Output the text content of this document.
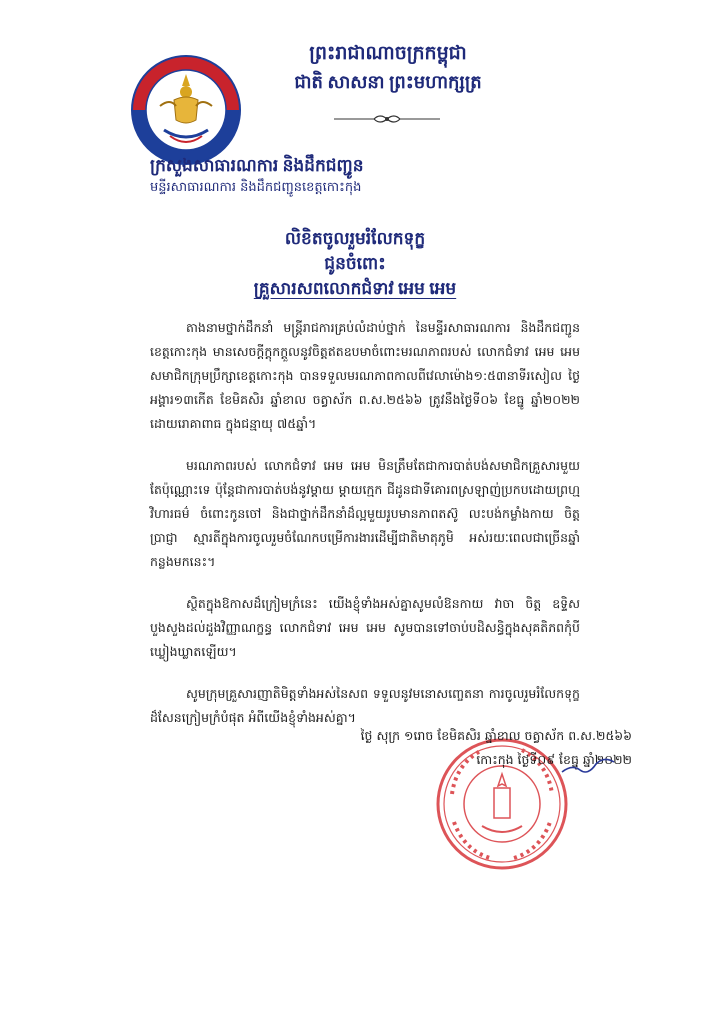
ព្រះរាជាណាចក្រកម្ពុជា
ជាតិ សាសនា ព្រះមហាក្សត្រ
ក្រសួងសាធារណការ និងដឹកជញ្ជូន
មន្ទីរសាធារណការ និងដឹកជញ្ជូនខេត្តកោះកុង
លិខិតចូលរួមរំលែកទុក្ខ
ជូនចំពោះ
គ្រួសារសពលោកជំទាវ អេម អេម

តាងនាមថ្នាក់ដឹកនាំ មន្ត្រីរាជការគ្រប់លំដាប់ថ្នាក់ នៃមន្ទីរសាធារណការ និងដឹកជញ្ជូនខេត្តកោះកុង មានសេចក្ដីក្ដុកក្ដួលនូវចិត្តឥតឧបមាចំពោះមរណភាពរបស់ លោកជំទាវ អេម អេម សមាជិកក្រុមប្រឹក្សាខេត្តកោះកុង បានទទួលមរណភាពកាលពីវេលាម៉ោង១:៥៣នាទីរសៀល ថ្ងៃអង្គារ១៣កើត ខែមិគសិរ ឆ្នាំខាល ចត្វាស័ក ព.ស.២៥៦៦ ត្រូវនឹងថ្ងៃទី០៦ ខែធ្នូ ឆ្នាំ២០២២ ដោយរោគាពាធ ក្នុងជន្មាយុ ៧៥ឆ្នាំ។

មរណភាពរបស់ លោកជំទាវ អេម អេម មិនត្រឹមតែជាការបាត់បង់សមាជិកគ្រួសារមួយ តែប៉ុណ្ណោះទេ ប៉ុន្តែជាការបាត់បង់នូវម្ដាយ ម្ដាយក្មេក ជីដូនជាទីគោរពស្រឡាញ់ប្រកបដោយព្រហ្មវិហារធម៌ ចំពោះកូនចៅ និងជាថ្នាក់ដឹកនាំដ៏ល្អមួយរូបមានភាពតស៊ូ លះបង់កម្លាំងកាយ ចិត្ត ប្រាជ្ញា ស្មារតីក្នុងការចូលរួមចំណែកបម្រើការងារដើម្បីជាតិមាតុភូមិ អស់រយៈពេលជាច្រើនឆ្នាំកន្លងមកនេះ។

ស្ថិតក្នុងឱកាសដ៏ក្រៀមក្រំនេះ យើងខ្ញុំទាំងអស់គ្នាសូមលំឱនកាយ វាចា ចិត្ត ឧទ្ទិសបួងសួងដល់ដួងវិញ្ញាណក្ខន្ធ លោកជំទាវ អេម អេម សូមបានទៅចាប់បដិសន្ធិក្នុងសុគតិភពកុំបីឃ្លៀងឃ្លាតឡើយ។

សូមក្រុមគ្រួសារញាតិមិត្តទាំងអស់នៃសព ទទួលនូវមនោសញ្ចេតនា ការចូលរួមរំលែកទុក្ខដ៏សែនក្រៀមក្រំបំផុត អំពីយើងខ្ញុំទាំងអស់គ្នា។

ថ្ងៃ សុក្រ ១រោច ខែមិគសិរ ឆ្នាំខាល ចត្វាស័ក ព.ស.២៥៦៦
កោះកុង ថ្ងៃទី០៩ ខែធ្នូ ឆ្នាំ២០២២
